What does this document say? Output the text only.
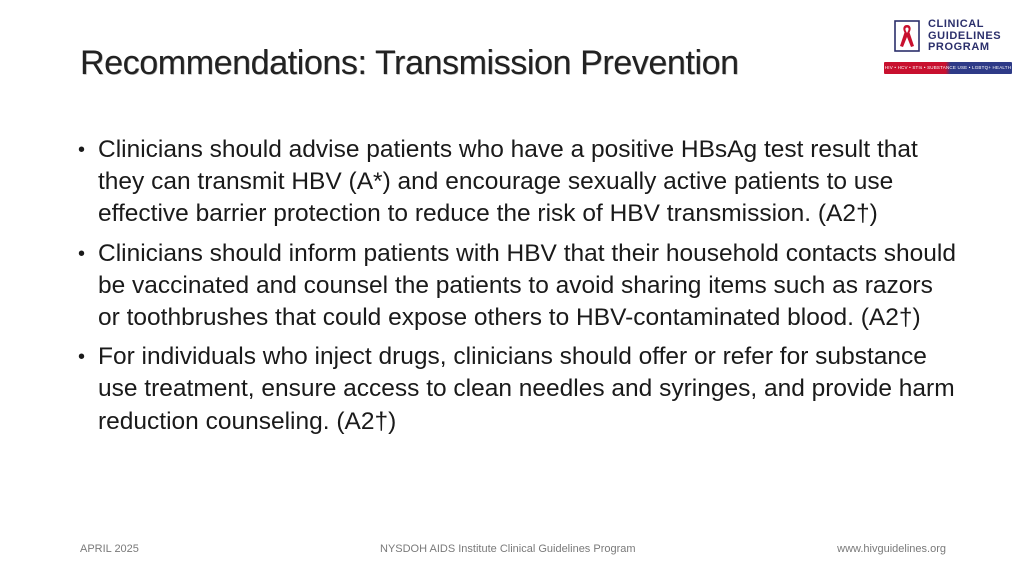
Recommendations: Transmission Prevention
CLINICAL
GUIDELINES
PROGRAM
HIV • HCV • STIs • SUBSTANCE USE • LGBTQ+ HEALTH
• Clinicians should advise patients who have a positive HBsAg test result that they can transmit HBV (A*) and encourage sexually active patients to use effective barrier protection to reduce the risk of HBV transmission. (A2†)
• Clinicians should inform patients with HBV that their household contacts should be vaccinated and counsel the patients to avoid sharing items such as razors or toothbrushes that could expose others to HBV-contaminated blood. (A2†)
• For individuals who inject drugs, clinicians should offer or refer for substance use treatment, ensure access to clean needles and syringes, and provide harm reduction counseling. (A2†)
APRIL 2025	NYSDOH AIDS Institute Clinical Guidelines Program	www.hivguidelines.org
